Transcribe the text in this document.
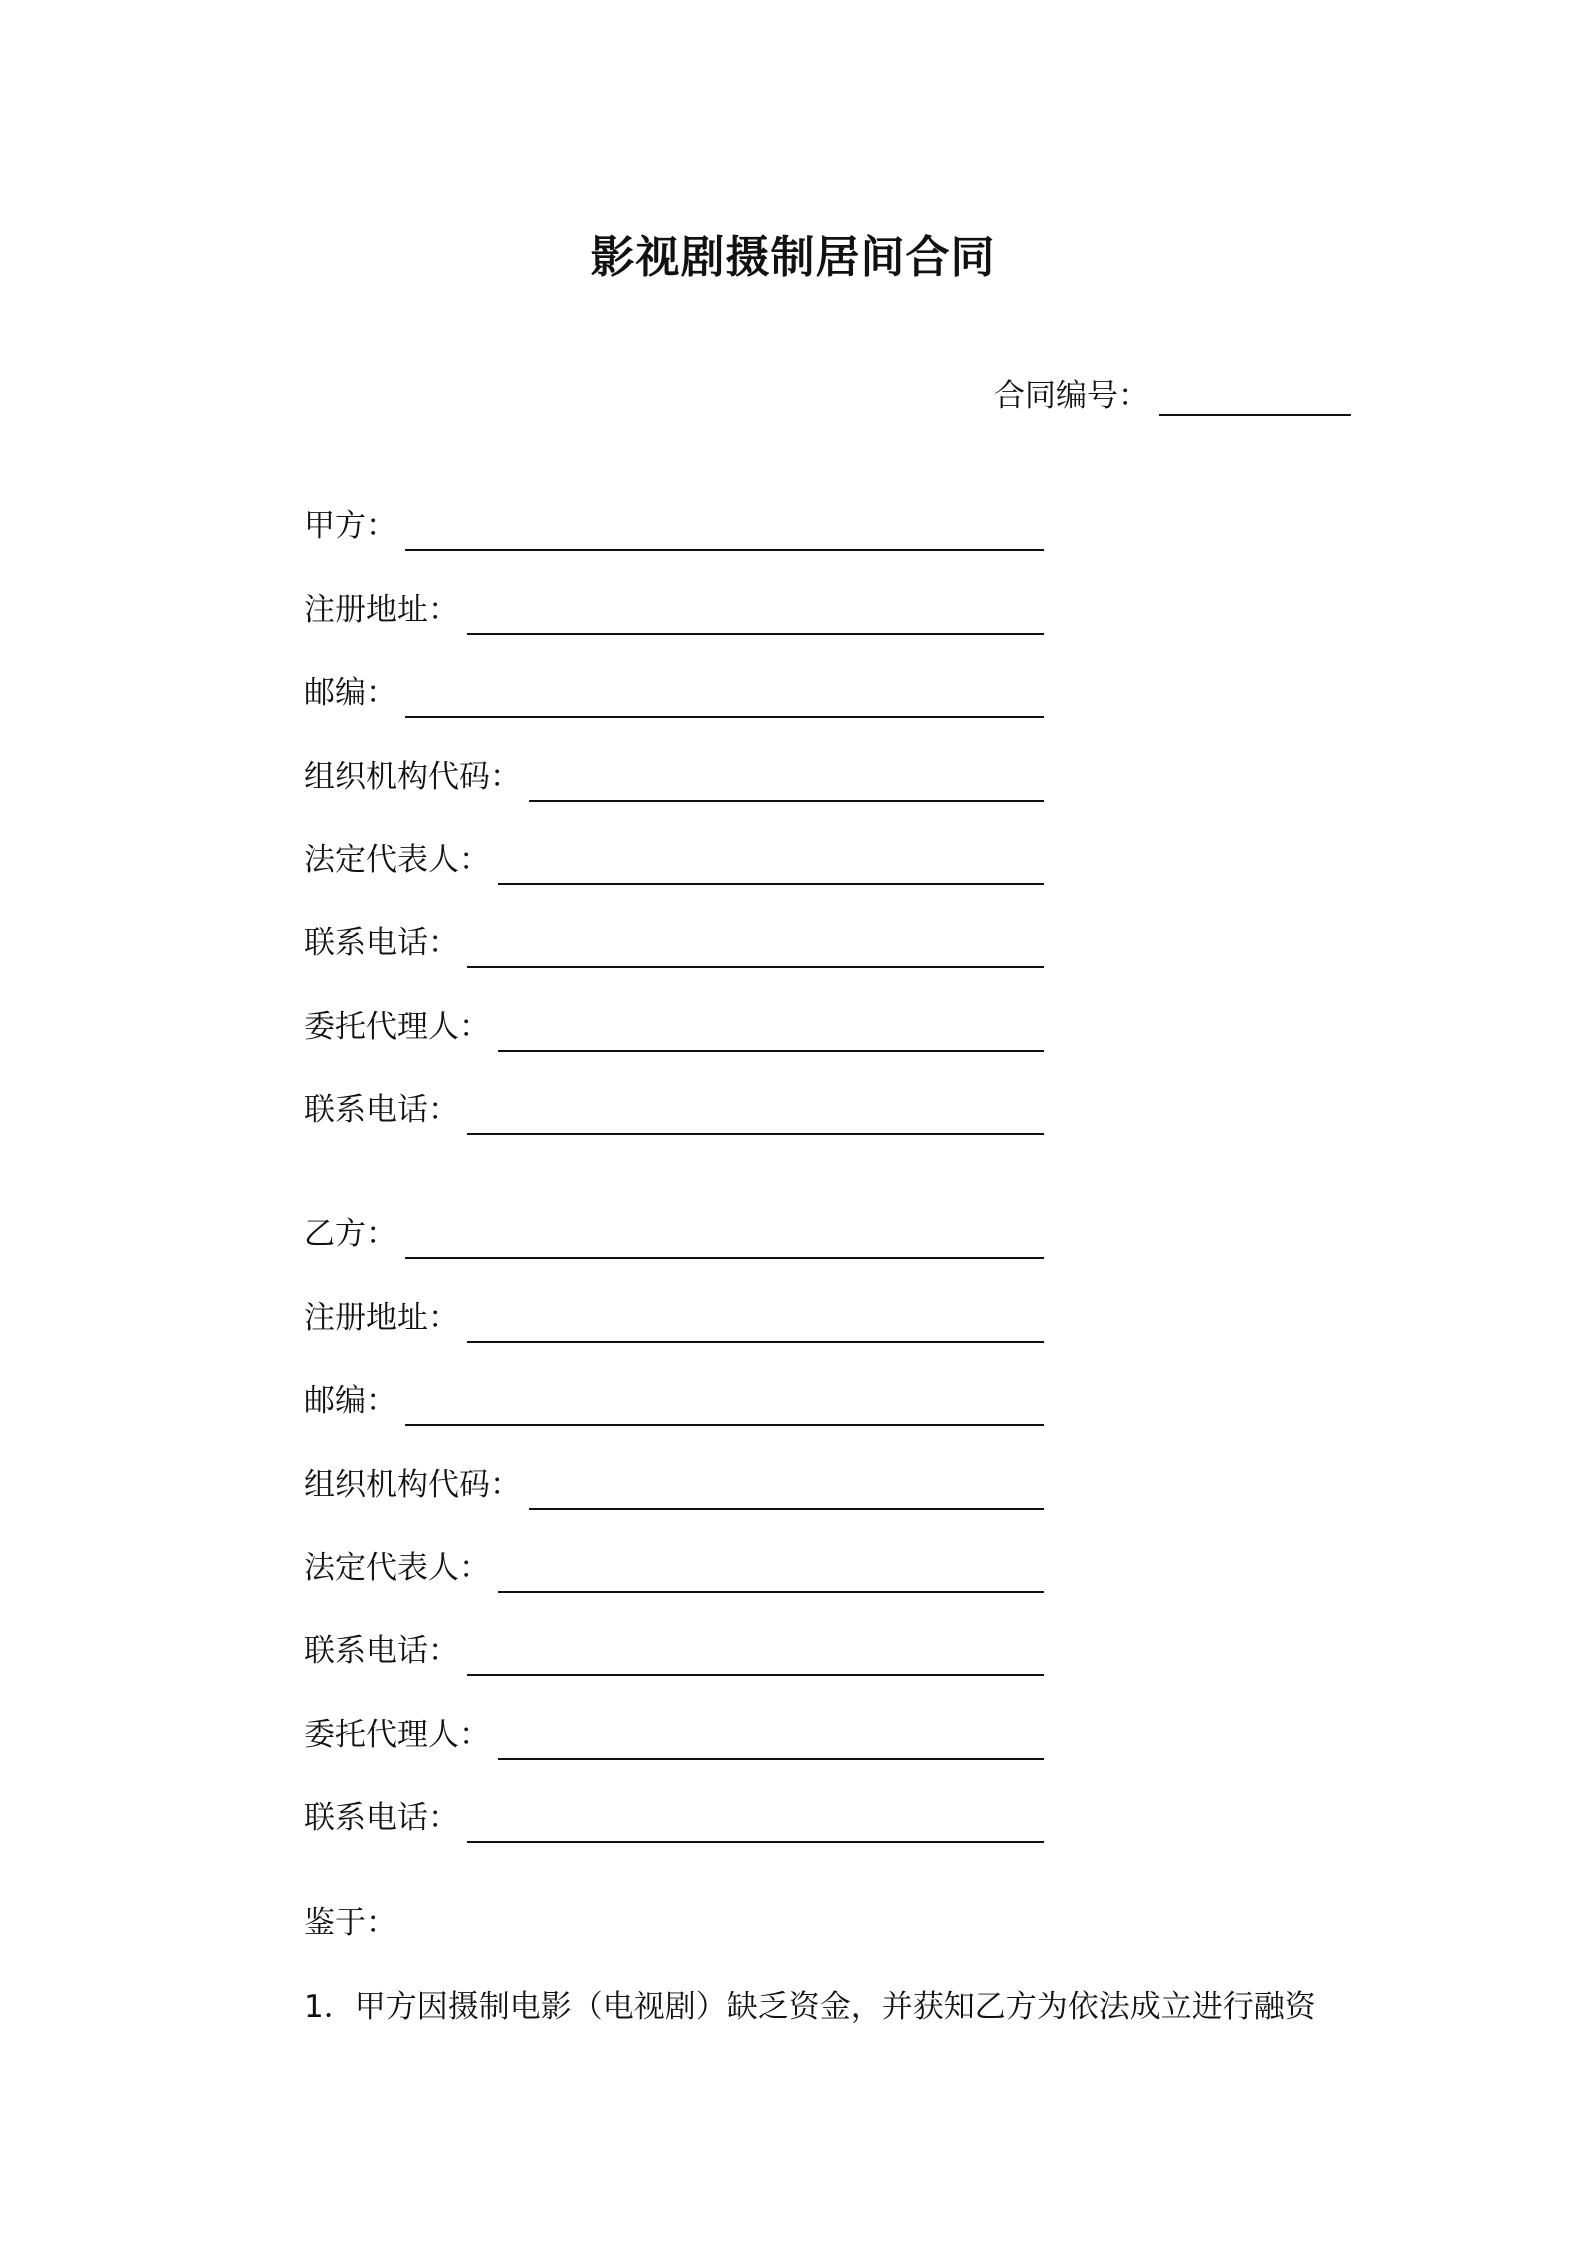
影视剧摄制居间合同
合同编号：
甲方：
注册地址：
邮编：
组织机构代码：
法定代表人：
联系电话：
委托代理人：
联系电话：
乙方：
注册地址：
邮编：
组织机构代码：
法定代表人：
联系电话：
委托代理人：
联系电话：
鉴于：
1．甲方因摄制电影（电视剧）缺乏资金，并获知乙方为依法成立进行融资
